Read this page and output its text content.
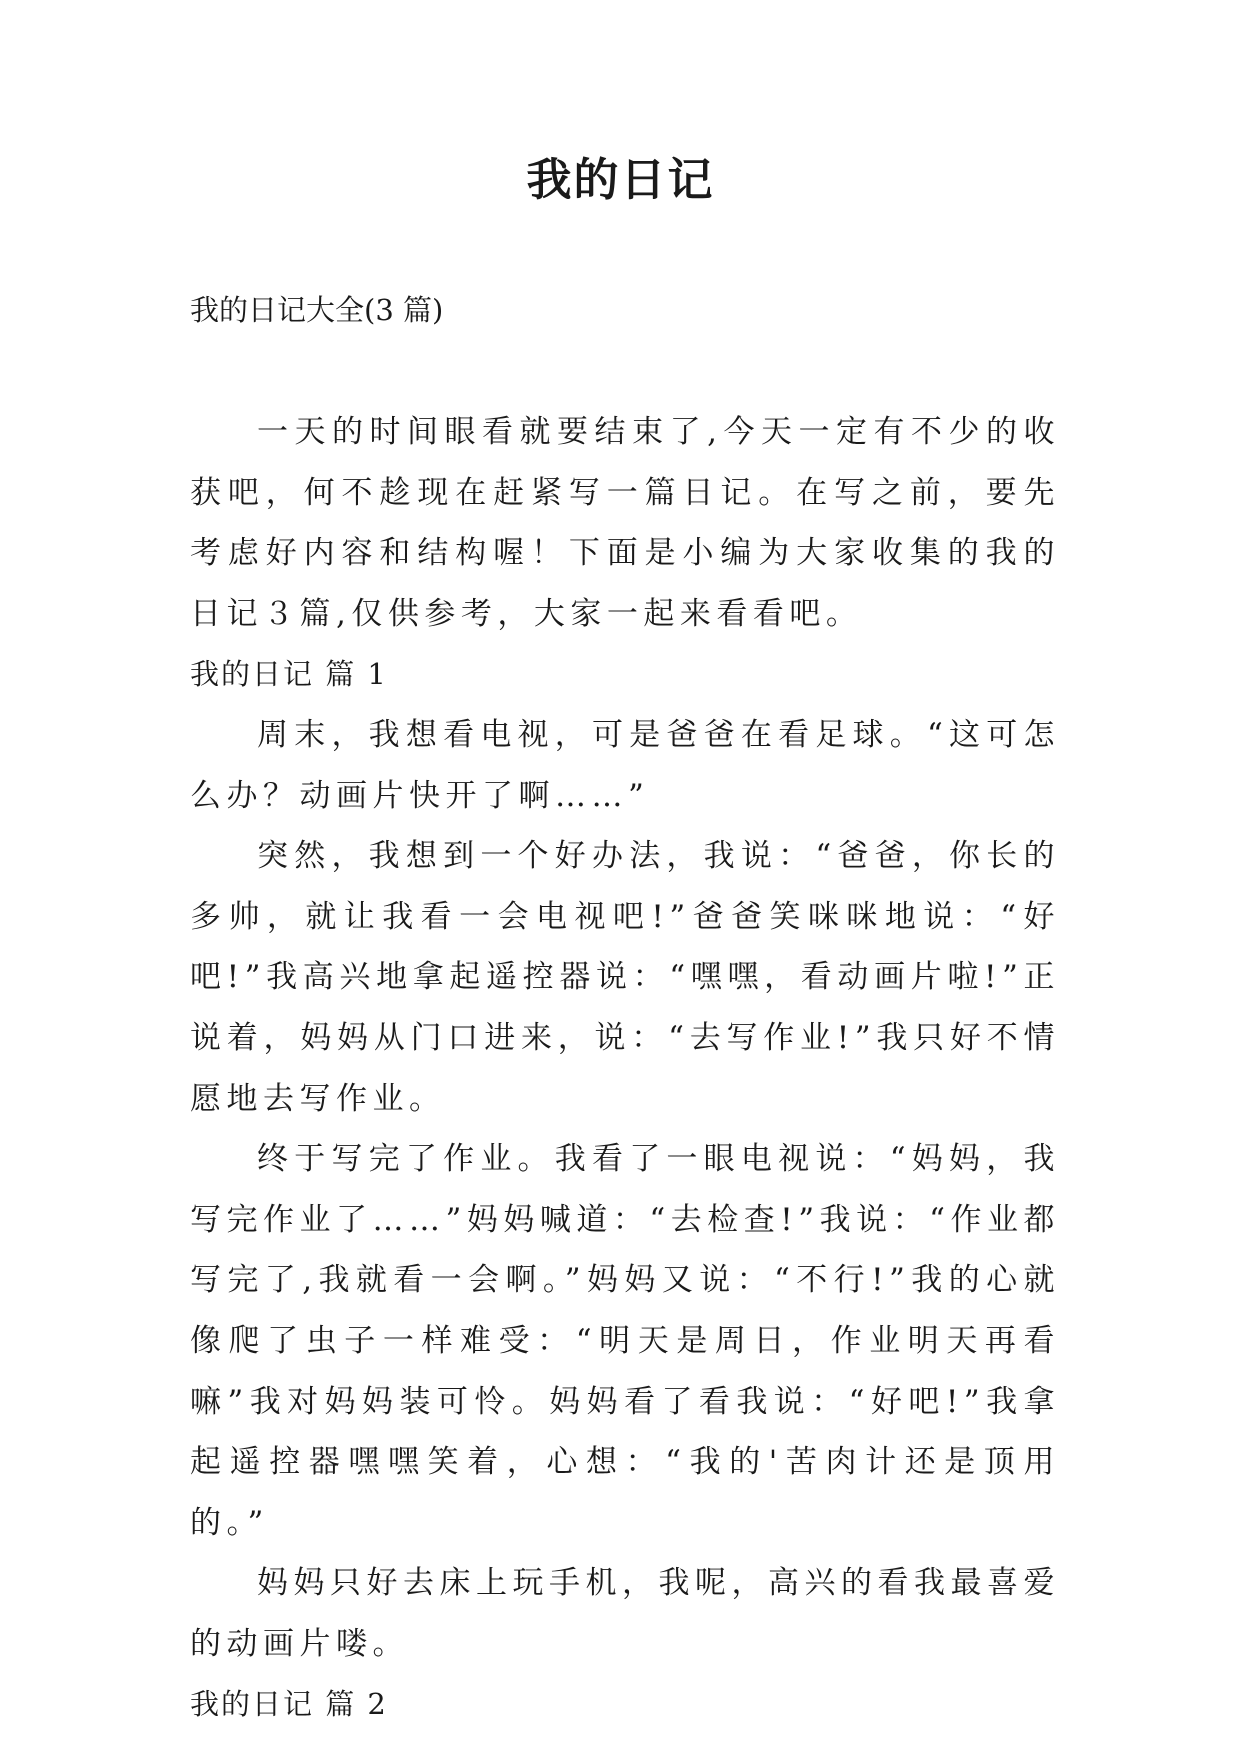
我的日记

我的日记大全(3 篇)

一天的时间眼看就要结束了,今天一定有不少的收获吧，何不趁现在赶紧写一篇日记。在写之前，要先考虑好内容和结构喔！下面是小编为大家收集的我的日记３篇,仅供参考，大家一起来看看吧。

我的日记 篇 1

周末，我想看电视，可是爸爸在看足球。“这可怎么办？动画片快开了啊……”

突然，我想到一个好办法，我说：“爸爸，你长的多帅，就让我看一会电视吧!”爸爸笑咪咪地说：“好吧!”我高兴地拿起遥控器说：“嘿嘿，看动画片啦!”正说着，妈妈从门口进来，说：“去写作业!”我只好不情愿地去写作业。

终于写完了作业。我看了一眼电视说：“妈妈，我写完作业了……”妈妈喊道：“去检查!”我说：“作业都写完了,我就看一会啊。”妈妈又说：“不行!”我的心就像爬了虫子一样难受：“明天是周日，作业明天再看嘛”我对妈妈装可怜。妈妈看了看我说：“好吧!”我拿起遥控器嘿嘿笑着，心想：“我的'苦肉计还是顶用的。”

妈妈只好去床上玩手机，我呢，高兴的看我最喜爱的动画片喽。

我的日记 篇 2
